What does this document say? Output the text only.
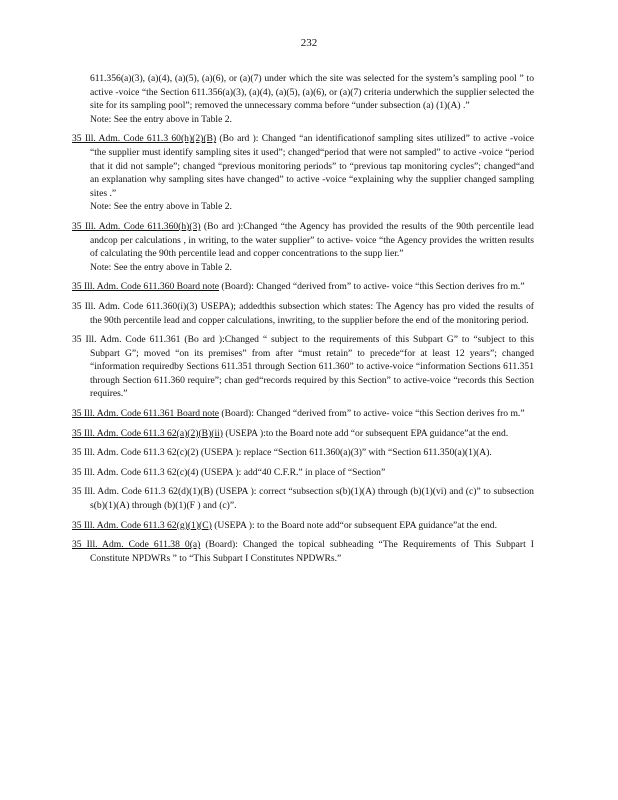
232
611.356(a)(3), (a)(4), (a)(5), (a)(6), or (a)(7) under which the site was selected for the system’s sampling pool ” to active -voice “the Section 611.356(a)(3), (a)(4), (a)(5), (a)(6), or (a)(7) criteria underwhich the supplier selected the site for its sampling pool”; removed the unnecessary comma before “under subsection (a) (1)(A) .”
Note: See the entry above in Table 2.
35 Ill. Adm. Code 611.3 60(h)(2)(B) (Bo ard ): Changed “an identificationof sampling sites utilized” to active -voice “the supplier must identify sampling sites it used”; changed“period that were not sampled” to active -voice “period that it did not sample”; changed “previous monitoring periods” to “previous tap monitoring cycles”; changed“and an explanation why sampling sites have changed” to active -voice “explaining why the supplier changed sampling sites .”
Note: See the entry above in Table 2.
35 Ill. Adm. Code 611.360(h)(3) (Bo ard ):Changed “the Agency has provided the results of the 90th percentile lead andcop per calculations , in writing, to the water supplier” to active- voice “the Agency provides the written results of calculating the 90th percentile lead and copper concentrations to the supp lier.”
Note: See the entry above in Table 2.
35 Ill. Adm. Code 611.360 Board note (Board): Changed “derived from” to active- voice “this Section derives fro m.”
35 Ill. Adm. Code 611.360(i)(3) USEPA); addedthis subsection which states: The Agency has pro vided the results of the 90th percentile lead and copper calculations, inwriting, to the supplier before the end of the monitoring period.
35 Ill. Adm. Code 611.361 (Bo ard ):Changed “ subject to the requirements of this Subpart G” to “subject to this Subpart G”; moved “on its premises” from after “must retain” to precede“for at least 12 years”; changed “information requiredby Sections 611.351 through Section 611.360” to active-voice “information Sections 611.351 through Section 611.360 require”; chan ged“records required by this Section” to active-voice “records this Section requires.”
35 Ill. Adm. Code 611.361 Board note (Board): Changed “derived from” to active- voice “this Section derives fro m.”
35 Ill. Adm. Code 611.3 62(a)(2)(B)(ii) (USEPA ):to the Board note add “or subsequent EPA guidance”at the end.
35 Ill. Adm. Code 611.3 62(c)(2) (USEPA ): replace “Section 611.360(a)(3)” with “Section 611.350(a)(1)(A).
35 Ill. Adm. Code 611.3 62(c)(4) (USEPA ): add“40 C.F.R.” in place of “Section”
35 Ill. Adm. Code 611.3 62(d)(1)(B) (USEPA ): correct “subsection s(b)(1)(A) through (b)(1)(vi) and (c)” to subsection s(b)(1)(A) through (b)(1)(F ) and (c)”.
35 Ill. Adm. Code 611.3 62(g)(1)(C) (USEPA ): to the Board note add“or subsequent EPA guidance”at the end.
35 Ill. Adm. Code 611.38 0(a) (Board): Changed the topical subheading “The Requirements of This Subpart I Constitute NPDWRs ” to “This Subpart I Constitutes NPDWRs.”
